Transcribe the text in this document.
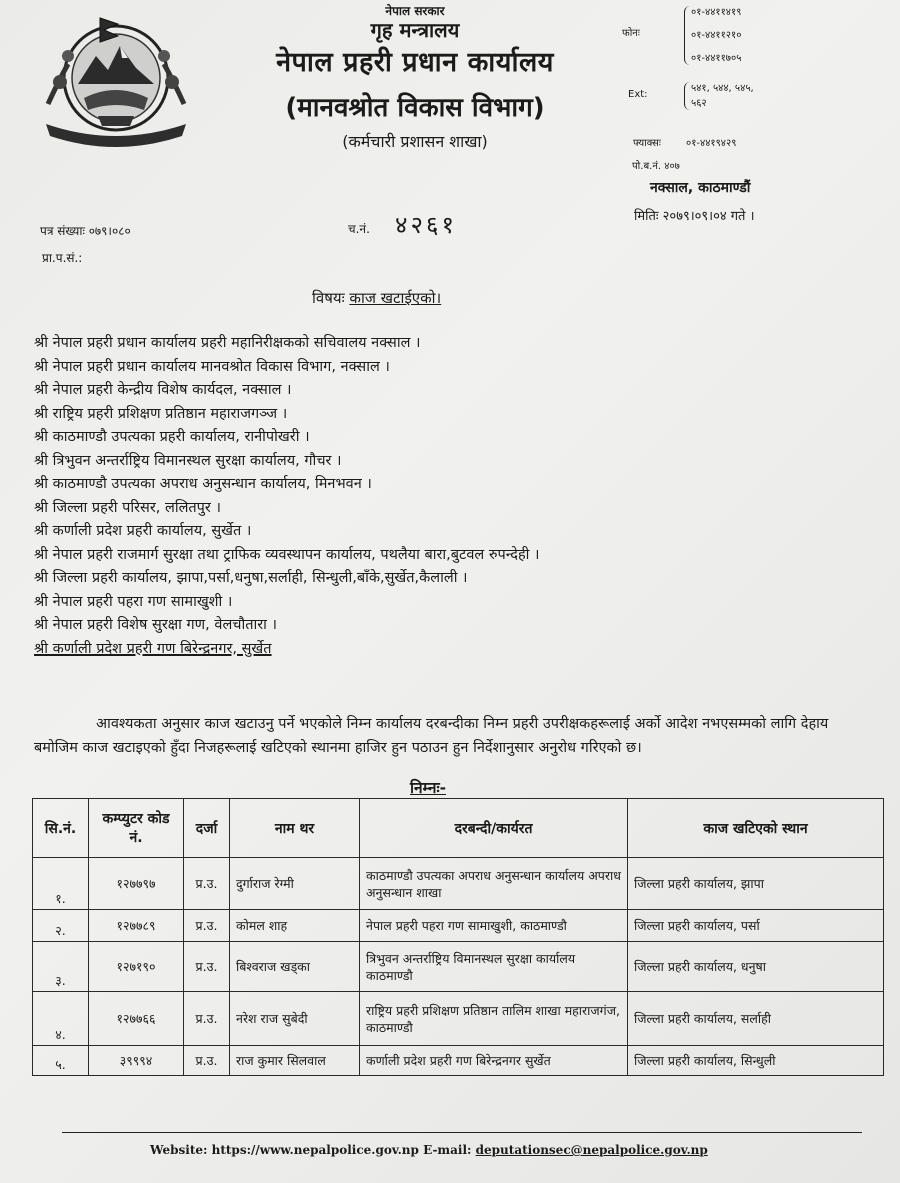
नेपाल सरकार
गृह मन्त्रालय
नेपाल प्रहरी प्रधान कार्यालय
(मानवश्रोत विकास विभाग)
(कर्मचारी प्रशासन शाखा)
फोनः
०१-४४११४१९
०१-४४११२१०
०१-४४११७०५
Ext:
५४१, ५४४, ५४५,
५६२
फ्याक्सः	०१-४४१९४२९
पो.ब.नं. ४०७
नक्साल, काठमाण्डौं
मितिः २०७९।०९।०४ गते ।
पत्र संख्याः ०७९।०८०
प्रा.प.सं.:
च.नं. ४२६१
विषयः काज खटाईएको।
श्री नेपाल प्रहरी प्रधान कार्यालय प्रहरी महानिरीक्षकको सचिवालय नक्साल ।
श्री नेपाल प्रहरी प्रधान कार्यालय मानवश्रोत विकास विभाग, नक्साल ।
श्री नेपाल प्रहरी केन्द्रीय विशेष कार्यदल, नक्साल ।
श्री राष्ट्रिय प्रहरी प्रशिक्षण प्रतिष्ठान महाराजगञ्ज ।
श्री काठमाण्डौ उपत्यका प्रहरी कार्यालय, रानीपोखरी ।
श्री त्रिभुवन अन्तर्राष्ट्रिय विमानस्थल सुरक्षा कार्यालय, गौचर ।
श्री काठमाण्डौ उपत्यका अपराध अनुसन्धान कार्यालय, मिनभवन ।
श्री जिल्ला प्रहरी परिसर, ललितपुर ।
श्री कर्णाली प्रदेश प्रहरी कार्यालय, सुर्खेत ।
श्री नेपाल प्रहरी राजमार्ग सुरक्षा तथा ट्राफिक व्यवस्थापन कार्यालय, पथलैया बारा,बुटवल रुपन्देही ।
श्री जिल्ला प्रहरी कार्यालय, झापा,पर्सा,धनुषा,सर्लाही, सिन्धुली,बाँके,सुर्खेत,कैलाली ।
श्री नेपाल प्रहरी पहरा गण सामाखुशी ।
श्री नेपाल प्रहरी विशेष सुरक्षा गण, वेलचौतारा ।
श्री कर्णाली प्रदेश प्रहरी गण बिरेन्द्रनगर, सुर्खेत
आवश्यकता अनुसार काज खटाउनु पर्ने भएकोले निम्न कार्यालय दरबन्दीका निम्न प्रहरी उपरीक्षकहरूलाई अर्को आदेश नभएसम्मको लागि देहाय बमोजिम काज खटाइएको हुँदा निजहरूलाई खटिएको स्थानमा हाजिर हुन पठाउन हुन निर्देशानुसार अनुरोध गरिएको छ।
निम्नः-
सि.नं.	कम्प्युटर कोड नं.	दर्जा	नाम थर	दरबन्दी/कार्यरत	काज खटिएको स्थान
१.	१२७७९७	प्र.उ.	दुर्गाराज रेग्मी	काठमाण्डौ उपत्यका अपराध अनुसन्धान कार्यालय अपराध अनुसन्धान शाखा	जिल्ला प्रहरी कार्यालय, झापा
२.	१२७७८९	प्र.उ.	कोमल शाह	नेपाल प्रहरी पहरा गण सामाखुशी, काठमाण्डौ	जिल्ला प्रहरी कार्यालय, पर्सा
३.	१२७१९०	प्र.उ.	बिश्वराज खड्का	त्रिभुवन अन्तर्राष्ट्रिय विमानस्थल सुरक्षा कार्यालय काठमाण्डौ	जिल्ला प्रहरी कार्यालय, धनुषा
४.	१२७७६६	प्र.उ.	नरेश राज सुबेदी	राष्ट्रिय प्रहरी प्रशिक्षण प्रतिष्ठान तालिम शाखा महाराजगंज, काठमाण्डौ	जिल्ला प्रहरी कार्यालय, सर्लाही
५.	३९९९४	प्र.उ.	राज कुमार सिलवाल	कर्णाली प्रदेश प्रहरी गण बिरेन्द्रनगर सुर्खेत	जिल्ला प्रहरी कार्यालय, सिन्धुली
Website: https://www.nepalpolice.gov.np E-mail: deputationsec@nepalpolice.gov.np
